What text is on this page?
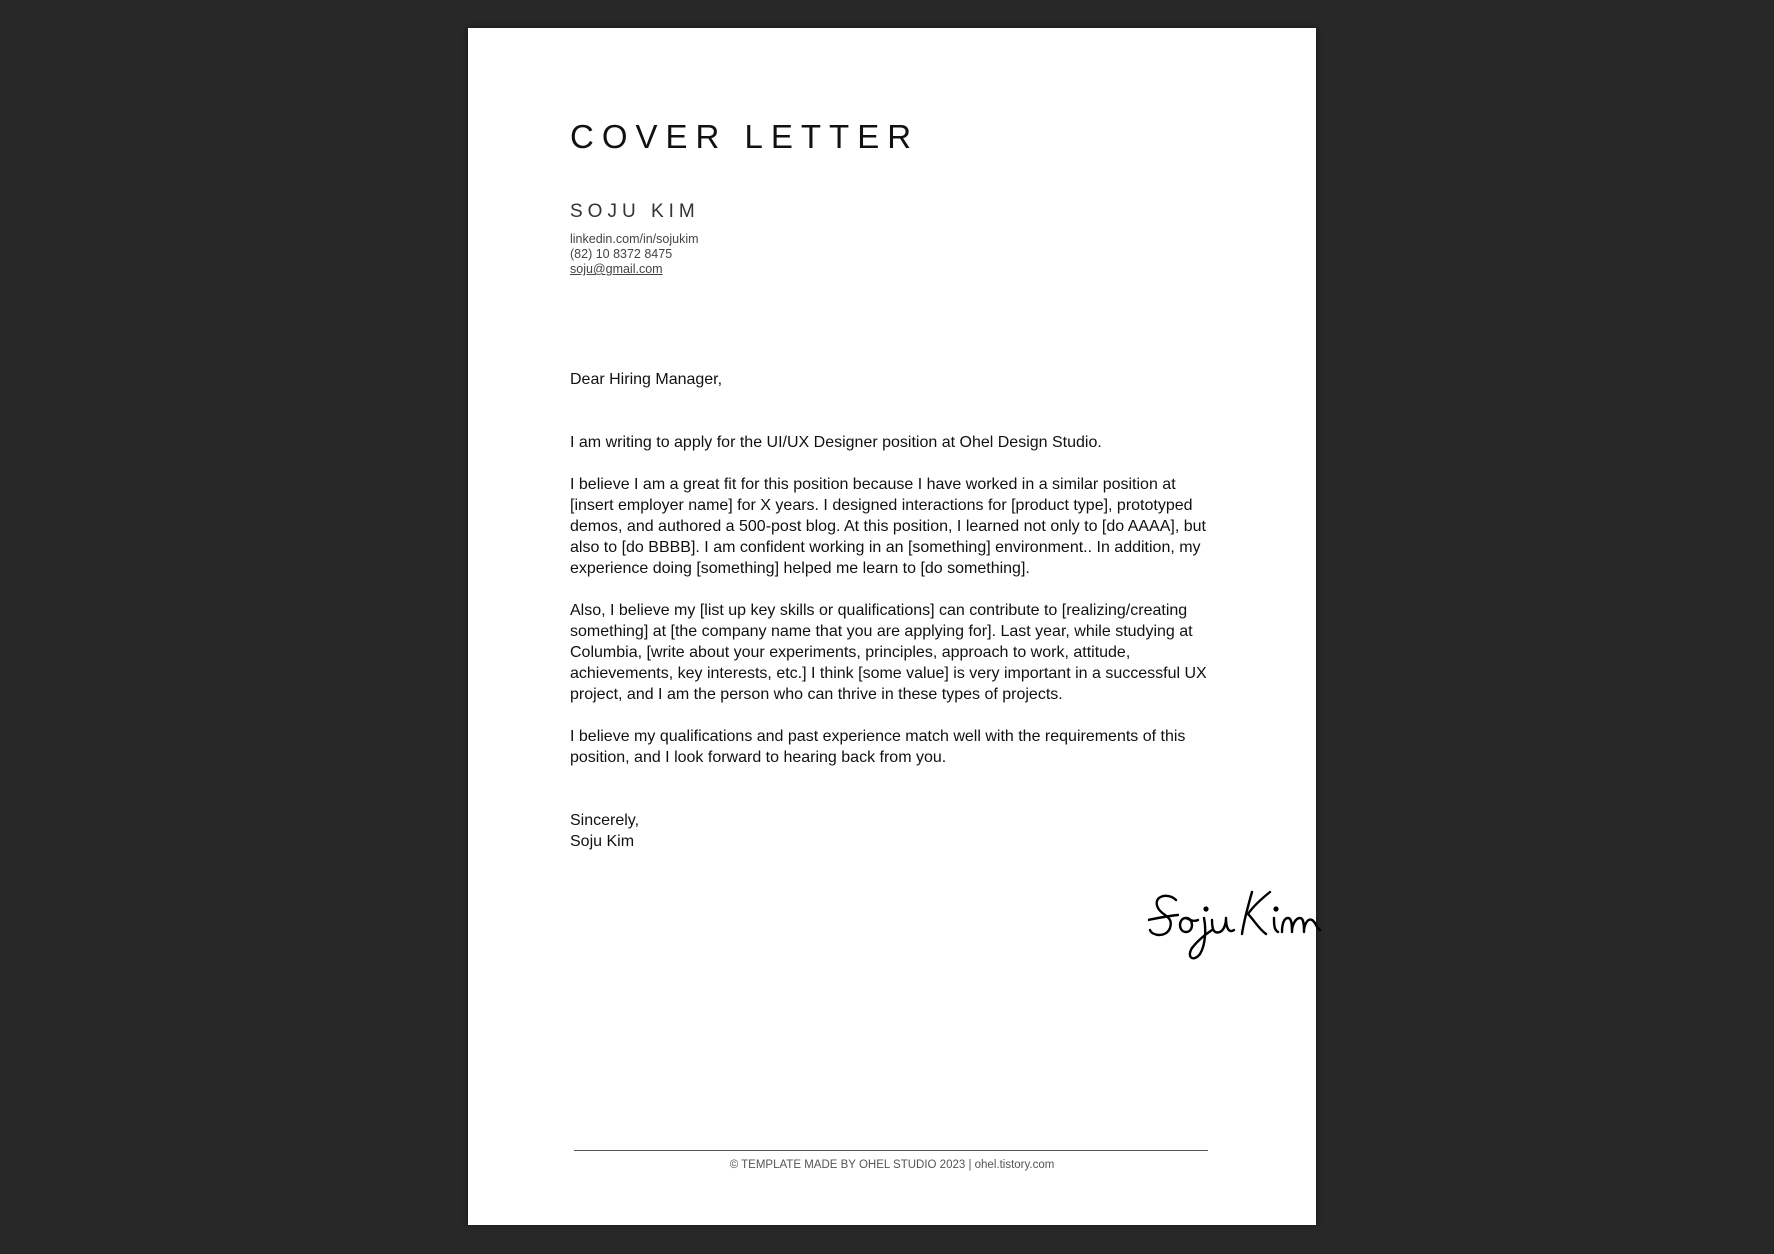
COVER LETTER
SOJU KIM
linkedin.com/in/sojukim
(82) 10 8372 8475
soju@gmail.com

Dear Hiring Manager,

I am writing to apply for the UI/UX Designer position at Ohel Design Studio.

I believe I am a great fit for this position because I have worked in a similar position at [insert employer name] for X years. I designed interactions for [product type], prototyped demos, and authored a 500-post blog. At this position, I learned not only to [do AAAA], but also to [do BBBB]. I am confident working in an [something] environment.. In addition, my experience doing [something] helped me learn to [do something].

Also, I believe my [list up key skills or qualifications] can contribute to [realizing/creating something] at [the company name that you are applying for]. Last year, while studying at Columbia, [write about your experiments, principles, approach to work, attitude, achievements, key interests, etc.] I think [some value] is very important in a successful UX project, and I am the person who can thrive in these types of projects.

I believe my qualifications and past experience match well with the requirements of this position, and I look forward to hearing back from you.

Sincerely,
Soju Kim
© TEMPLATE MADE BY OHEL STUDIO 2023 | ohel.tistory.com
